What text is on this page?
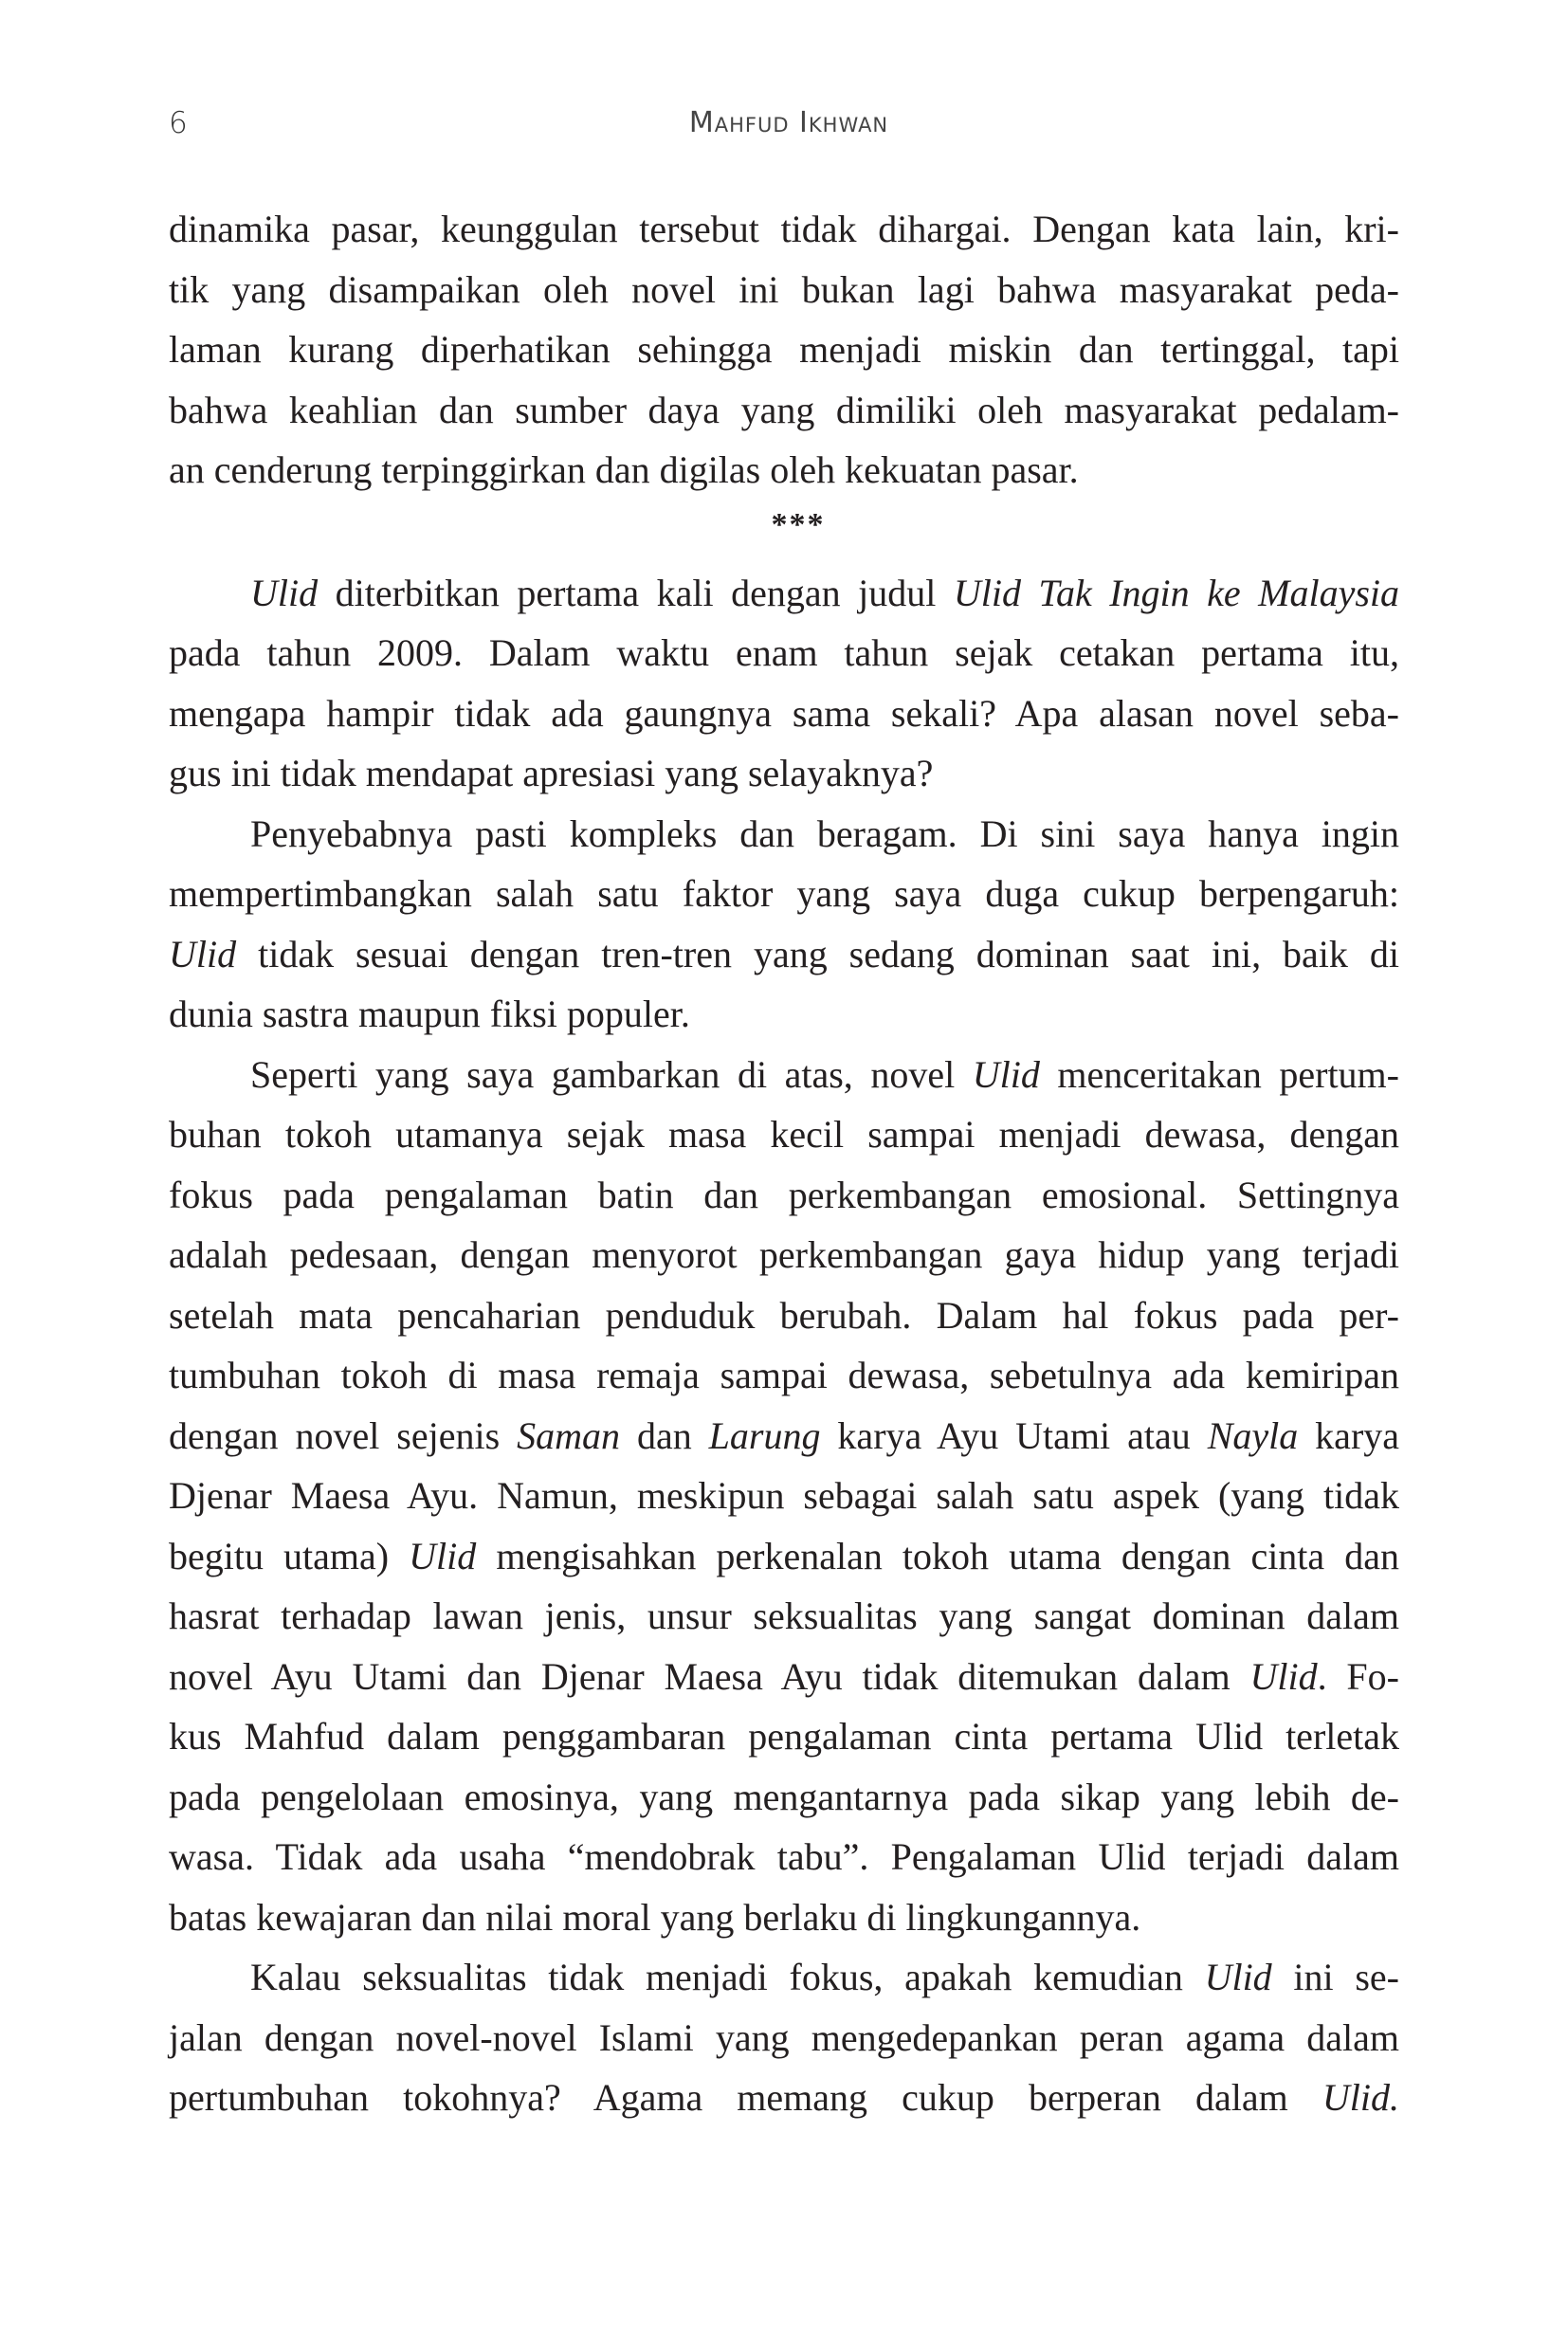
6	Mahfud Ikhwan
dinamika pasar, keunggulan tersebut tidak dihargai. Dengan kata lain, kri-
tik yang disampaikan oleh novel ini bukan lagi bahwa masyarakat peda-
laman kurang diperhatikan sehingga menjadi miskin dan tertinggal, tapi
bahwa keahlian dan sumber daya yang dimiliki oleh masyarakat pedalam-
an cenderung terpinggirkan dan digilas oleh kekuatan pasar.
***
Ulid diterbitkan pertama kali dengan judul Ulid Tak Ingin ke Malaysia
pada tahun 2009. Dalam waktu enam tahun sejak cetakan pertama itu,
mengapa hampir tidak ada gaungnya sama sekali? Apa alasan novel seba-
gus ini tidak mendapat apresiasi yang selayaknya?
Penyebabnya pasti kompleks dan beragam. Di sini saya hanya ingin
mempertimbangkan salah satu faktor yang saya duga cukup berpengaruh:
Ulid tidak sesuai dengan tren-tren yang sedang dominan saat ini, baik di
dunia sastra maupun fiksi populer.
Seperti yang saya gambarkan di atas, novel Ulid menceritakan pertum-
buhan tokoh utamanya sejak masa kecil sampai menjadi dewasa, dengan
fokus pada pengalaman batin dan perkembangan emosional. Settingnya
adalah pedesaan, dengan menyorot perkembangan gaya hidup yang terjadi
setelah mata pencaharian penduduk berubah. Dalam hal fokus pada per-
tumbuhan tokoh di masa remaja sampai dewasa, sebetulnya ada kemiripan
dengan novel sejenis Saman dan Larung karya Ayu Utami atau Nayla karya
Djenar Maesa Ayu. Namun, meskipun sebagai salah satu aspek (yang tidak
begitu utama) Ulid mengisahkan perkenalan tokoh utama dengan cinta dan
hasrat terhadap lawan jenis, unsur seksualitas yang sangat dominan dalam
novel Ayu Utami dan Djenar Maesa Ayu tidak ditemukan dalam Ulid. Fo-
kus Mahfud dalam penggambaran pengalaman cinta pertama Ulid terletak
pada pengelolaan emosinya, yang mengantarnya pada sikap yang lebih de-
wasa. Tidak ada usaha “mendobrak tabu”. Pengalaman Ulid terjadi dalam
batas kewajaran dan nilai moral yang berlaku di lingkungannya.
Kalau seksualitas tidak menjadi fokus, apakah kemudian Ulid ini se-
jalan dengan novel-novel Islami yang mengedepankan peran agama dalam
pertumbuhan tokohnya? Agama memang cukup berperan dalam Ulid.
